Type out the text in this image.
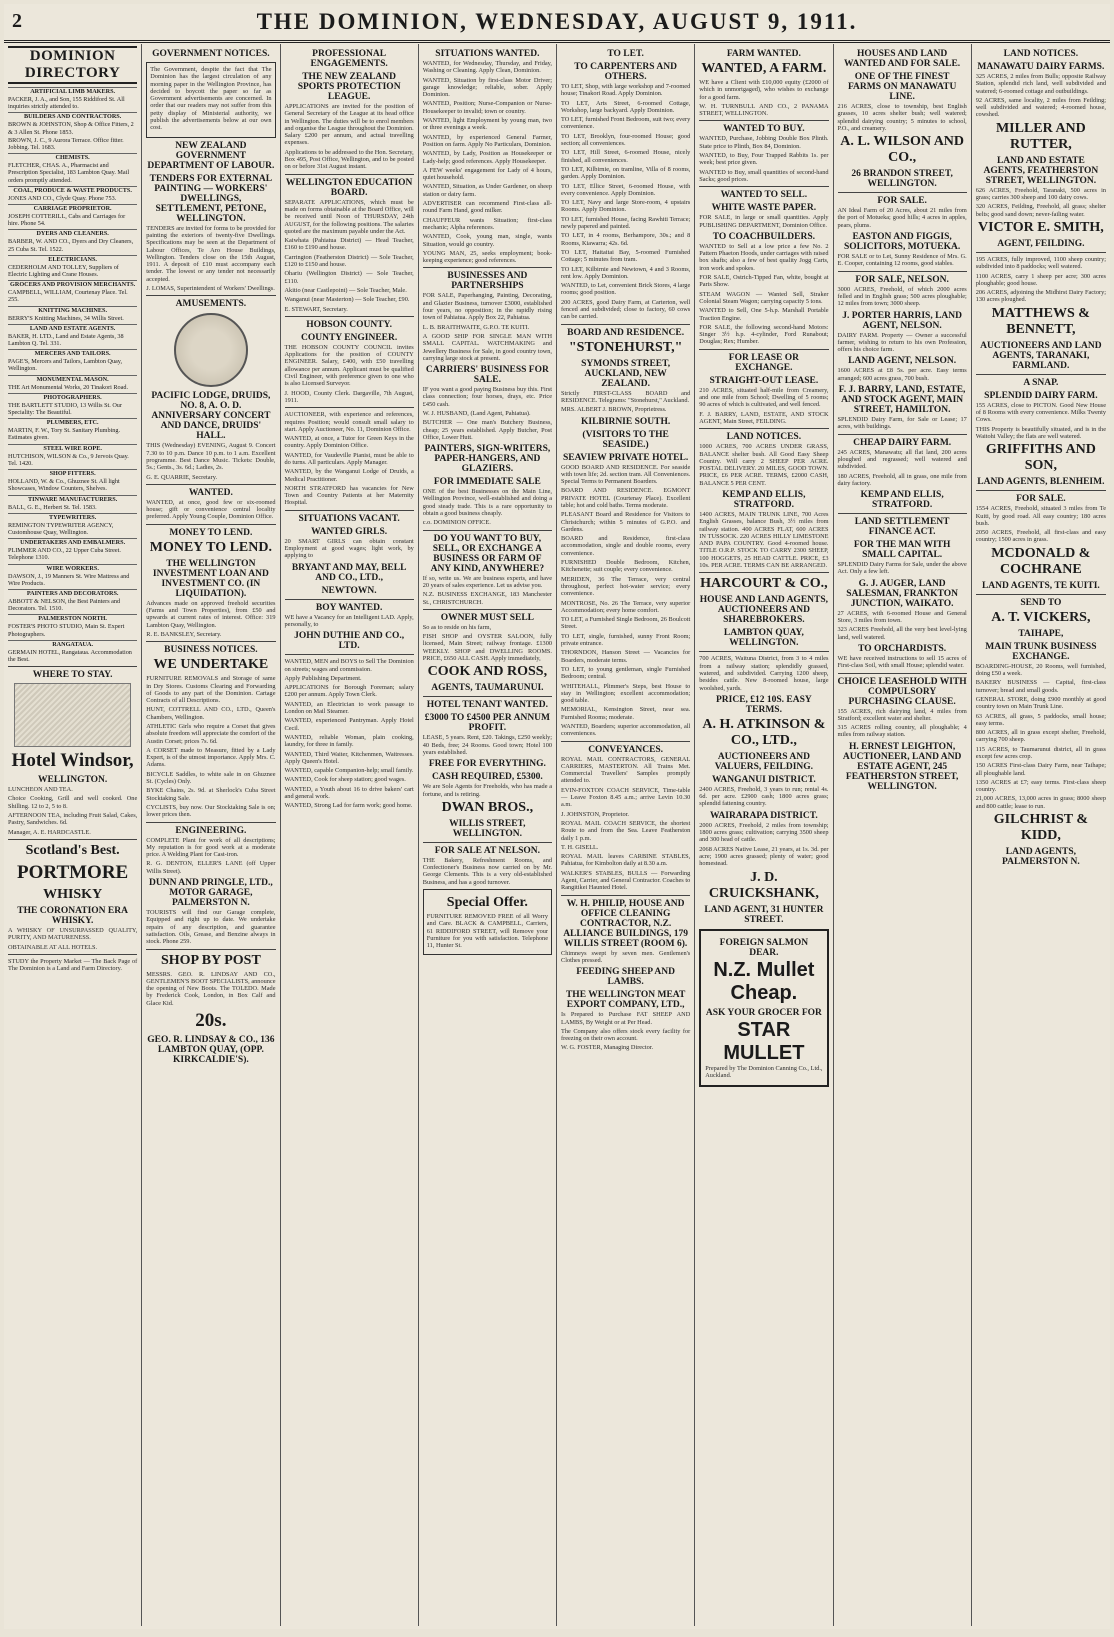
2	THE DOMINION, WEDNESDAY, AUGUST 9, 1911.
DOMINION DIRECTORY
ARTIFICIAL LIMB MAKERS.
PACKER, J. A., and Son, 155 Riddiford St. All inquiries strictly attended to.
BUILDERS AND CONTRACTORS.
BROWN & JOHNSTON, Shop & Office Fitters, 2 & 3 Allen St. Phone 1853.
BROWN, J. C., 9 Aurora Terrace. Office fitter. Jobbing. Tel. 1683.
CHEMISTS.
FLETCHER, CHAS. A., Pharmacist and Prescription Specialist, 183 Lambton Quay. Mail orders promptly attended.
COAL, PRODUCE & WASTE PRODUCTS.
JONES AND CO., Clyde Quay. Phone 753.
CARRIAGE PROPRIETOR.
JOSEPH COTTERILL, Cabs and Carriages for hire. Phone 54.
DYERS AND CLEANERS.
BARBER, W. AND CO., Dyers and Dry Cleaners, 25 Cuba St. Tel. 1522.
ELECTRICIANS.
CEDERHOLM AND TOLLEY, Suppliers of Electric Lighting and Crane Houses.
GROCERS AND PROVISION MERCHANTS.
CAMPBELL, WILLIAM, Courtenay Place. Tel. 255.
KNITTING MACHINES.
BERRY'S Knitting Machines, 34 Willis Street.
LAND AND ESTATE AGENTS.
BAKER, H. LTD., Land and Estate Agents, 38 Lambton Q. Tel. 331.
MERCERS AND TAILORS.
PAGE'S, Mercers and Tailors, Lambton Quay, Wellington.
MONUMENTAL MASON.
THE Art Monumental Works, 20 Tinakori Road.
PHOTOGRAPHERS.
THE BARTLETT STUDIO, 13 Willis St. Our Speciality: The Beautiful.
PLUMBERS, ETC.
MARTIN, F. W., Tory St. Sanitary Plumbing. Estimates given.
STEEL WIRE ROPE.
HUTCHISON, WILSON & Co., 9 Jervois Quay. Tel. 1420.
SHOP FITTERS.
HOLLAND, W. & Co., Ghuznee St. All light Showcases, Window Counters, Shelves.
TINWARE MANUFACTURERS.
BALL, G. E., Herbert St. Tel. 1583.
TYPEWRITERS.
REMINGTON TYPEWRITER AGENCY, Customhouse Quay, Wellington.
UNDERTAKERS AND EMBALMERS.
PLIMMER AND CO., 22 Upper Cuba Street. Telephone 1310.
WIRE WORKERS.
DAWSON, J., 19 Manners St. Wire Mattress and Wire Products.
PAINTERS AND DECORATORS.
ABBOTT & NELSON, the Best Painters and Decorators. Tel. 1510.
PALMERSTON NORTH.
FOSTER'S PHOTO STUDIO, Main St. Expert Photographers.
RANGATAUA.
GERMAIN HOTEL, Rangataua. Accommodation the Best.
WHERE TO STAY.
Hotel Windsor,
WELLINGTON.

LUNCHEON AND TEA.

Choice Cooking, Grill and well cooked. One Shilling. 12 to 2, 5 to 8.

AFTERNOON TEA, including Fruit Salad, Cakes, Pastry, Sandwiches. 6d.

Manager, A. E. HARDCASTLE.

Scotland's Best.
PORTMORE
WHISKY
THE CORONATION ERA WHISKY.

A WHISKY OF UNSURPASSED QUALITY, PURITY, AND MATURENESS.

OBTAINABLE AT ALL HOTELS.

STUDY the Property Market — The Back Page of The Dominion is a Land and Farm Directory.

GOVERNMENT NOTICES.

The Government, despite the fact that The Dominion has the largest circulation of any morning paper in the Wellington Province, has decided to boycott the paper so far as Government advertisements are concerned. In order that our readers may not suffer from this petty display of Ministerial authority, we publish the advertisements below at our own cost.

NEW ZEALAND GOVERNMENT DEPARTMENT OF LABOUR.
TENDERS FOR EXTERNAL PAINTING — WORKERS' DWELLINGS, SETTLEMENT, PETONE, WELLINGTON.

TENDERS are invited for forms to be provided for painting the exteriors of twenty-five Dwellings. Specifications may be seen at the Department of Labour Offices, Te Aro House Buildings, Wellington. Tenders close on the 15th August, 1911. A deposit of £10 must accompany each tender. The lowest or any tender not necessarily accepted.

J. LOMAS, Superintendent of Workers' Dwellings.

AMUSEMENTS.
PACIFIC LODGE, DRUIDS, NO. 8, A. O. D. ANNIVERSARY CONCERT AND DANCE, DRUIDS' HALL.

THIS (Wednesday) EVENING, August 9. Concert 7.30 to 10 p.m. Dance 10 p.m. to 1 a.m. Excellent programme. Best Dance Music. Tickets: Double, 5s.; Gents., 3s. 6d.; Ladies, 2s.

G. E. QUARRIE, Secretary.

WANTED.

WANTED, at once, good few or six-roomed house; gift or convenience central locality preferred. Apply Young Couple, Dominion Office.

MONEY TO LEND.
MONEY TO LEND.
THE WELLINGTON INVESTMENT LOAN AND INVESTMENT CO. (IN LIQUIDATION).

Advances made on approved freehold securities (Farms and Town Properties), from £50 and upwards at current rates of interest. Office: 319 Lambton Quay, Wellington.

R. E. BANKSLEY, Secretary.

BUSINESS NOTICES.
WE UNDERTAKE

FURNITURE REMOVALS and Storage of same in Dry Stores. Customs Clearing and Forwarding of Goods to any part of the Dominion. Cartage Contracts of all Descriptions.

HUNT, COTTRELL AND CO., LTD., Queen's Chambers, Wellington.

ATHLETIC Girls who require a Corset that gives absolute freedom will appreciate the comfort of the Austin Corset; prices 7s. 6d.

A CORSET made to Measure, fitted by a Lady Expert, is of the utmost importance. Apply Mrs. C. Adams.

BICYCLE Saddles, to white sale in on Ghuznee St. (Cycles) Only.

BYKE Chains, 2s. 9d. at Sherlock's Cuba Street Stocktaking Sale.

CYCLISTS, buy now. Our Stocktaking Sale is on; lower prices then.

ENGINEERING.

COMPLETE Plant for work of all descriptions; My reputation is for good work at a moderate price. A Welding Plant for Cast-iron.

R. G. DENTON, ELLER'S LANE (off Upper Willis Street).

DUNN AND PRINGLE, LTD., MOTOR GARAGE, PALMERSTON N.

TOURISTS will find our Garage complete, Equipped and right up to date. We undertake repairs of any description, and guarantee satisfaction. Oils, Grease, and Benzine always in stock. Phone 259.

SHOP BY POST

MESSRS. GEO. R. LINDSAY AND CO., GENTLEMEN'S BOOT SPECIALISTS, announce the opening of New Boots. The TOLEDO. Made by Frederick Cook, London, in Box Calf and Glace Kid.

20s.
GEO. R. LINDSAY & CO., 136 LAMBTON QUAY, (OPP. KIRKCALDIE'S).
PROFESSIONAL ENGAGEMENTS.
THE NEW ZEALAND SPORTS PROTECTION LEAGUE.

APPLICATIONS are invited for the position of General Secretary of the League at its head office in Wellington. The duties will be to enrol members and organise the League throughout the Dominion. Salary £200 per annum, and actual travelling expenses.

Applications to be addressed to the Hon. Secretary, Box 495, Post Office, Wellington, and to be posted on or before 31st August instant.

WELLINGTON EDUCATION BOARD.

SEPARATE APPLICATIONS, which must be made on forms obtainable at the Board Office, will be received until Noon of THURSDAY, 24th AUGUST, for the following positions. The salaries quoted are the maximum payable under the Act.

Kaiwhata (Pahiatua District) — Head Teacher, £160 to £190 and house.

Carrington (Featherston District) — Sole Teacher, £120 to £150 and house.

Ohariu (Wellington District) — Sole Teacher, £110.

Akitio (near Castlepoint) — Sole Teacher, Male.

Wanganui (near Masterton) — Sole Teacher, £90.

E. STEWART, Secretary.

HOBSON COUNTY.
COUNTY ENGINEER.

THE HOBSON COUNTY COUNCIL invites Applications for the position of COUNTY ENGINEER. Salary, £400, with £50 travelling allowance per annum. Applicant must be qualified Civil Engineer, with preference given to one who is also Licensed Surveyor.

J. HOOD, County Clerk. Dargaville, 7th August, 1911.

AUCTIONEER, with experience and references, requires Position; would consult small salary to start. Apply Auctioneer, No. 11, Dominion Office.

WANTED, at once, a Tutor for Green Keys in the country. Apply Dominion Office.

WANTED, for Vaudeville Pianist, must be able to do turns. All particulars. Apply Manager.

WANTED, by the Wanganui Lodge of Druids, a Medical Practitioner.

NORTH STRATFORD has vacancies for New Town and Country Patients at her Maternity Hospital.

SITUATIONS VACANT.
WANTED GIRLS.

20 SMART GIRLS can obtain constant Employment at good wages; light work, by applying to

BRYANT AND MAY, BELL AND CO., LTD.,
NEWTOWN.
BOY WANTED.

WE have a Vacancy for an Intelligent LAD. Apply, personally, to

JOHN DUTHIE AND CO., LTD.

WANTED, MEN and BOYS to Sell The Dominion on streets; wages and commission.

Apply Publishing Department.

APPLICATIONS for Borough Foreman; salary £200 per annum. Apply Town Clerk.

WANTED, an Electrician to work passage to London on Mail Steamer.

WANTED, experienced Pantryman. Apply Hotel Cecil.

WANTED, reliable Woman, plain cooking, laundry, for three in family.

WANTED, Third Waiter, Kitchenmen, Waitresses. Apply Queen's Hotel.

WANTED, capable Companion-help; small family.

WANTED, Cook for sheep station; good wages.

WANTED, a Youth about 16 to drive bakers' cart and general work.

WANTED, Strong Lad for farm work; good home.

SITUATIONS WANTED.

WANTED, for Wednesday, Thursday, and Friday, Washing or Cleaning. Apply Clean, Dominion.

WANTED, Situation by first-class Motor Driver; garage knowledge; reliable, sober. Apply Dominion.

WANTED, Position; Nurse-Companion or Nurse-Housekeeper to invalid; town or country.

WANTED, light Employment by young man, two or three evenings a week.

WANTED, by experienced General Farmer, Position on farm. Apply No Particulars, Dominion.

WANTED, by Lady, Position as Housekeeper or Lady-help; good references. Apply Housekeeper.

A FEW weeks' engagement for Lady of 4 hours, quiet household.

WANTED, Situation, as Under Gardener, on sheep station or dairy farm.

ADVERTISER can recommend First-class all-round Farm Hand, good milker.

CHAUFFEUR wants Situation; first-class mechanic; Alpha references.

WANTED, Cook, young man, single, wants Situation, would go country.

YOUNG MAN, 25, seeks employment; book-keeping experience; good references.

BUSINESSES AND PARTNERSHIPS

FOR SALE, Paperhanging, Painting, Decorating, and Glazier Business, turnover £3000, established four years, no opposition; in the rapidly rising town of Pahiatua. Apply Box 22, Pahiatua.

L. B. BRAITHWAITE, G.P.O. TE KUITI.

A GOOD SHIP FOR SINGLE MAN WITH SMALL CAPITAL. WATCHMAKING and Jewellery Business for Sale, in good country town, carrying large stock at present.

CARRIERS' BUSINESS FOR SALE.

IF you want a good paying Business buy this. First class connection; four horses, drays, etc. Price £450 cash.

W. J. HUSBAND, (Land Agent, Pahiatua).

BUTCHER — One man's Butchery Business, cheap; 25 years established. Apply Butcher, Post Office, Lower Hutt.

PAINTERS, SIGN-WRITERS, PAPER-HANGERS, AND GLAZIERS.
FOR IMMEDIATE SALE

ONE of the best Businesses on the Main Line, Wellington Province, well-established and doing a good steady trade. This is a rare opportunity to obtain a good business cheaply.

c.o. DOMINION OFFICE.

DO YOU WANT TO BUY, SELL, OR EXCHANGE A BUSINESS OR FARM OF ANY KIND, ANYWHERE?

If so, write us. We are business experts, and have 20 years of sales experience. Let us advise you.

N.Z. BUSINESS EXCHANGE, 183 Manchester St., CHRISTCHURCH.

OWNER MUST SELL

So as to reside on his farm,

FISH SHOP and OYSTER SALOON, fully licensed, Main Street; railway frontage. £1300 WEEKLY. SHOP and DWELLING ROOMS. PRICE, £650 ALL CASH. Apply immediately,

COOK AND ROSS,
AGENTS, TAUMARUNUI.
HOTEL TENANT WANTED.
£3000 TO £4500 PER ANNUM PROFIT.

LEASE, 5 years. Rent, £20. Takings, £250 weekly; 40 Beds, free; 24 Rooms. Good town; Hotel 100 years established.

FREE FOR EVERYTHING.
CASH REQUIRED, £5300.

We are Sole Agents for Freeholds, who has made a fortune, and is retiring.

DWAN BROS.,
WILLIS STREET, WELLINGTON.
FOR SALE AT NELSON.

THE Bakery, Refreshment Rooms, and Confectioner's Business now carried on by Mr. George Clements. This is a very old-established Business, and has a good turnover.

Special Offer.

FURNITURE REMOVED FREE of all Worry and Care. BLACK & CAMPBELL, Carriers, 61 RIDDIFORD STREET, will Remove your Furniture for you with satisfaction. Telephone 11, Hunter St.

TO LET.
TO CARPENTERS AND OTHERS.

TO LET, Shop, with large workshop and 7-roomed house; Tinakori Road. Apply Dominion.

TO LET, Arts Street, 6-roomed Cottage, Workshop, large backyard. Apply Dominion.

TO LET, furnished Front Bedroom, suit two; every convenience.

TO LET, Brooklyn, four-roomed House; good section; all conveniences.

TO LET, Hill Street, 6-roomed House, nicely finished, all conveniences.

TO LET, Kilbirnie, on tramline, Villa of 8 rooms, garden. Apply Dominion.

TO LET, Ellice Street, 6-roomed House, with every convenience. Apply Dominion.

TO LET, Navy and large Store-room, 4 upstairs Rooms. Apply Dominion.

TO LET, furnished House, facing Rawhiti Terrace; newly papered and painted.

TO LET, in 4 rooms, Berhampore, 30s.; and 8 Rooms, Kiawarra; 42s. 6d.

TO LET, Haitaitai Bay, 5-roomed Furnished Cottage; 5 minutes from tram.

TO LET, Kilbirnie and Newtown, 4 and 3 Rooms, rent low. Apply Dominion.

WANTED, to Let, convenient Brick Stores, 4 large rooms; good position.

200 ACRES, good Dairy Farm, at Carterton, well fenced and subdivided; close to factory, 60 cows can be carried.

BOARD AND RESIDENCE.
"STONEHURST,"
SYMONDS STREET, AUCKLAND, NEW ZEALAND.

Strictly FIRST-CLASS BOARD and RESIDENCE. Telegrams: "Stonehurst," Auckland.

MRS. ALBERT J. BROWN, Proprietress.

KILBIRNIE SOUTH.
(VISITORS TO THE SEASIDE.)
SEAVIEW PRIVATE HOTEL.

GOOD BOARD AND RESIDENCE. For seaside with town life; 2d. section tram. All Conveniences. Special Terms to Permanent Boarders.

BOARD AND RESIDENCE. EGMONT PRIVATE HOTEL (Courtenay Place). Excellent table; hot and cold baths. Terms moderate.

PLEASANT Board and Residence for Visitors to Christchurch; within 5 minutes of G.P.O. and Gardens.

BOARD and Residence, first-class accommodation, single and double rooms, every convenience.

FURNISHED Double Bedroom, Kitchen, Kitchenette; suit couple; every convenience.

MERIDEN, 36 The Terrace, very central throughout, perfect hot-water service; every convenience.

MONTROSE, No. 26 The Terrace, very superior Accommodation; every home comfort.

TO LET, a Furnished Single Bedroom, 26 Boulcott Street.

TO LET, single, furnished, sunny Front Room; private entrance.

THORNDON, Hanson Street — Vacancies for Boarders, moderate terms.

TO LET, to young gentleman, single Furnished Bedroom; central.

WHITEHALL, Plimmer's Steps, best House to stay in Wellington; excellent accommodation; good table.

MEMORIAL, Kensington Street, near sea. Furnished Rooms; moderate.

WANTED, Boarders; superior accommodation, all conveniences.

CONVEYANCES.

ROYAL MAIL CONTRACTORS, GENERAL CARRIERS, MASTERTON. All Trains Met. Commercial Travellers' Samples promptly attended to.

EVIN-FOXTON COACH SERVICE, Time-table — Leave Foxton 8.45 a.m.; arrive Levin 10.30 a.m.

J. JOHNSTON, Proprietor.

ROYAL MAIL COACH SERVICE, the shortest Route to and from the Sea. Leave Featherston daily 1 p.m.

T. H. GISELL.

ROYAL MAIL leaves CARBINE STABLES, Pahiatua, for Kimbolton daily at 8.30 a.m.

WALKER'S STABLES, BULLS — Forwarding Agent, Carrier, and General Contractor. Coaches to Rangitikei Haunted Hotel.

W. H. PHILIP, HOUSE AND OFFICE CLEANING CONTRACTOR, N.Z. ALLIANCE BUILDINGS, 179 WILLIS STREET (ROOM 6).

Chimneys swept by seven men. Gentlemen's Clothes pressed.

FEEDING SHEEP AND LAMBS.
THE WELLINGTON MEAT EXPORT COMPANY, LTD.,

Is Prepared to Purchase FAT SHEEP AND LAMBS, By Weight or at Per Head.

The Company also offers stock every facility for freezing on their own account.

W. G. FOSTER, Managing Director.

FARM WANTED.
WANTED, A FARM.

WE have a Client with £10,000 equity (£2000 of which in unmortgaged), who wishes to exchange for a good farm.

W. H. TURNBULL AND CO., 2 PANAMA STREET, WELLINGTON.

WANTED TO BUY.

WANTED, Purchase, Jobbing Double Box Plinth. State price to Plinth, Box 84, Dominion.

WANTED, to Buy, Four Trapped Rabbits 1s. per week; best price given.

WANTED to Buy, small quantities of second-hand Sacks; good prices.

WANTED TO SELL.
WHITE WASTE PAPER.

FOR SALE, in large or small quantities. Apply PUBLISHING DEPARTMENT, Dominion Office.

TO COACHBUILDERS.

WANTED to Sell at a low price a few No. 2 Pattern Phaeton Hoods, under carriages with raised box shafts; also a few of best quality Jogg Carts, iron work and spokes.

FOR SALE, Ostrich-Tipped Fan, white, bought at Paris Show.

STEAM WAGON — Wanted Sell, Straker Colonial Steam Wagon; carrying capacity 5 tons.

WANTED to Sell, One 5-h.p. Marshall Portable Traction Engine.

FOR SALE, the following second-hand Motors: Singer 3½ h.p. 4-cylinder, Ford Runabout; Douglas; Rex; Humber.

FOR LEASE OR EXCHANGE.
STRAIGHT-OUT LEASE.

210 ACRES, situated half-mile from Creamery, and one mile from School; Dwelling of 5 rooms; 90 acres of which is cultivated, and well fenced.

F. J. BARRY, LAND, ESTATE, AND STOCK AGENT, Main Street, FEILDING.

LAND NOTICES.

1000 ACRES, 700 ACRES UNDER GRASS, BALANCE shelter bush. All Good Easy Sheep Country. Will carry 2 SHEEP PER ACRE. POSTAL DELIVERY. 20 MILES, GOOD TOWN. PRICE, £6 PER ACRE. TERMS, £2000 CASH, BALANCE 5 PER CENT.

KEMP AND ELLIS, STRATFORD.

1400 ACRES, MAIN TRUNK LINE, 700 Acres English Grasses, balance Bush, 3½ miles from railway station. 400 ACRES FLAT, 600 ACRES IN TUSSOCK. 220 ACRES HILLY LIMESTONE AND PAPA COUNTRY. Good 4-roomed house. TITLE O.R.P. STOCK TO CARRY 2300 SHEEP, 100 HOGGETS, 25 HEAD CATTLE. PRICE, £3 10s. PER ACRE. TERMS CAN BE ARRANGED.

HARCOURT & CO.,
HOUSE AND LAND AGENTS, AUCTIONEERS AND SHAREBROKERS.
LAMBTON QUAY, WELLINGTON.

700 ACRES, Waituna District, from 3 to 4 miles from a railway station; splendidly grassed, watered, and subdivided. Carrying 1200 sheep, besides cattle. New 8-roomed house, large woolshed, yards.

PRICE, £12 10S. EASY TERMS.
A. H. ATKINSON & CO., LTD.,
AUCTIONEERS AND VALUERS, FEILDING.
WANGANUI DISTRICT.

2400 ACRES, Freehold, 3 years to run; rental 4s. 6d. per acre. £2900 cash; 1800 acres grass; splendid fattening country.

WAIRARAPA DISTRICT.

2000 ACRES, Freehold, 2 miles from township; 1800 acres grass; cultivation; carrying 3500 sheep and 300 head of cattle.

2068 ACRES Native Lease, 21 years, at 1s. 3d. per acre; 1900 acres grassed; plenty of water; good homestead.

J. D. CRUICKSHANK,
LAND AGENT, 31 HUNTER STREET.
FOREIGN SALMON DEAR.
N.Z. Mullet Cheap.
ASK YOUR GROCER FOR
STAR MULLET

Prepared by The Dominion Canning Co., Ltd., Auckland.

HOUSES AND LAND WANTED AND FOR SALE.
ONE OF THE FINEST FARMS ON MANAWATU LINE.

216 ACRES, close to township, best English grasses, 10 acres shelter bush; well watered; splendid dairying country; 5 minutes to school, P.O., and creamery.

A. L. WILSON AND CO.,
26 BRANDON STREET, WELLINGTON.
FOR SALE.

AN Ideal Farm of 20 Acres, about 21 miles from the port of Motueka; good hills; 4 acres in apples, pears, plums.

EASTON AND FIGGIS, SOLICITORS, MOTUEKA.

FOR SALE or to Let, Sunny Residence of Mrs. G. E. Cooper, containing 12 rooms, good stables.

FOR SALE, NELSON.

3000 ACRES, Freehold, of which 2000 acres felled and in English grass; 500 acres ploughable; 12 miles from town; 3000 sheep.

J. PORTER HARRIS, LAND AGENT, NELSON.

DAIRY FARM. Property — Owner a successful farmer, wishing to return to his own Profession, offers his choice farm.

LAND AGENT, NELSON.

1600 ACRES at £8 5s. per acre. Easy terms arranged; 600 acres grass, 700 bush.

F. J. BARRY, LAND, ESTATE, AND STOCK AGENT, MAIN STREET, HAMILTON.

SPLENDID Dairy Farm, for Sale or Lease; 17 acres, with buildings.

CHEAP DAIRY FARM.

245 ACRES, Manawatu; all flat land, 200 acres ploughed and regrassed; well watered and subdivided.

180 ACRES, Freehold, all in grass, one mile from dairy factory.

KEMP AND ELLIS, STRATFORD.
LAND SETTLEMENT FINANCE ACT.
FOR THE MAN WITH SMALL CAPITAL.

SPLENDID Dairy Farms for Sale, under the above Act. Only a few left.

G. J. AUGER, LAND SALESMAN, FRANKTON JUNCTION, WAIKATO.

27 ACRES, with 6-roomed House and General Store, 3 miles from town.

323 ACRES Freehold, all the very best level-lying land, well watered.

TO ORCHARDISTS.

WE have received instructions to sell 15 acres of First-class Soil, with small House; splendid water.

CHOICE LEASEHOLD WITH COMPULSORY PURCHASING CLAUSE.

155 ACRES, rich dairying land, 4 miles from Stratford; excellent water and shelter.

315 ACRES rolling country, all ploughable; 4 miles from railway station.

H. ERNEST LEIGHTON, AUCTIONEER, LAND AND ESTATE AGENT, 245 FEATHERSTON STREET, WELLINGTON.
LAND NOTICES.
MANAWATU DAIRY FARMS.

325 ACRES, 2 miles from Bulls; opposite Railway Station, splendid rich land, well subdivided and watered; 6-roomed cottage and outbuildings.

92 ACRES, same locality, 2 miles from Feilding; well subdivided and watered; 4-roomed house, cowshed.

MILLER AND RUTTER,
LAND AND ESTATE AGENTS, FEATHERSTON STREET, WELLINGTON.

626 ACRES, Freehold, Taranaki, 500 acres in grass; carries 300 sheep and 100 dairy cows.

320 ACRES, Feilding, Freehold, all grass; shelter belts; good sand down; never-failing water.

VICTOR E. SMITH,
AGENT, FEILDING.

195 ACRES, fully improved, 1100 sheep country; subdivided into 8 paddocks; well watered.

1100 ACRES, carry 1 sheep per acre; 300 acres ploughable; good house.

206 ACRES, adjoining the Midhirst Dairy Factory; 130 acres ploughed.

MATTHEWS & BENNETT,
AUCTIONEERS AND LAND AGENTS, TARANAKI, FARMLAND.
A SNAP.
SPLENDID DAIRY FARM.

155 ACRES, close to PICTON. Good New House of 8 Rooms with every convenience. Milks Twenty Cows.

THIS Property is beautifully situated, and is in the Waitohi Valley; the flats are well watered.

GRIFFITHS AND SON,
LAND AGENTS, BLENHEIM.
FOR SALE.

1554 ACRES, Freehold, situated 3 miles from Te Kuiti, by good road. All easy country; 180 acres bush.

2050 ACRES, Freehold, all first-class and easy country; 1500 acres in grass.

MCDONALD & COCHRANE
LAND AGENTS, TE KUITI.
SEND TO
A. T. VICKERS,
TAIHAPE,
MAIN TRUNK BUSINESS EXCHANGE.

BOARDING-HOUSE, 20 Rooms, well furnished, doing £50 a week.

BAKERY BUSINESS — Capital, first-class turnover; bread and small goods.

GENERAL STORE, doing £900 monthly at good country town on Main Trunk Line.

63 ACRES, all grass, 5 paddocks, small house; easy terms.

800 ACRES, all in grass except shelter, Freehold, carrying 700 sheep.

115 ACRES, to Taumarunui district, all in grass except few acres crop.

150 ACRES First-class Dairy Farm, near Taihape; all ploughable land.

1350 ACRES at £7; easy terms. First-class sheep country.

21,000 ACRES, 13,000 acres in grass; 8000 sheep and 800 cattle; lease to run.

GILCHRIST & KIDD,
LAND AGENTS, PALMERSTON N.
